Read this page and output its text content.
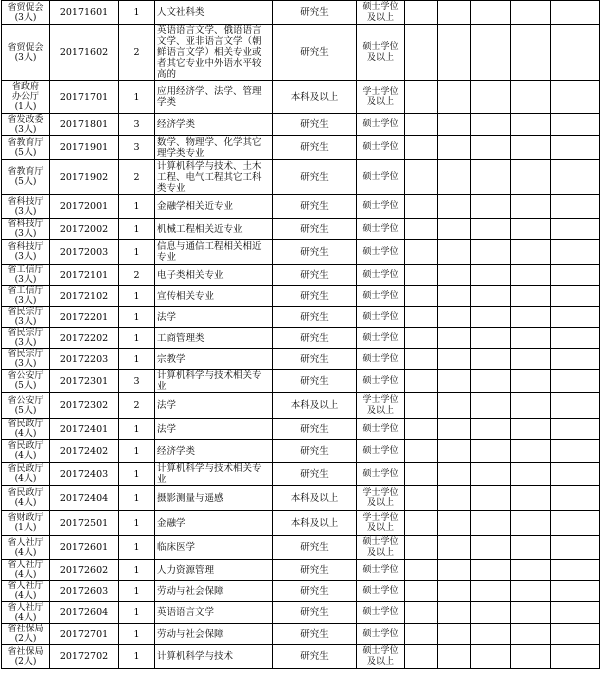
省贸促会
(3人)	20171601	1	人文社科类	研究生	硕士学位
及以上					
省贸促会
(3人)	20171602	2	英语语言文学、俄语语言文学、亚非语言文学（朝鲜语言文学）相关专业或者其它专业中外语水平较高的	研究生	硕士学位
及以上					
省政府
办公厅
(1人)	20171701	1	应用经济学、法学、管理学类	本科及以上	学士学位
及以上					
省发改委
(3人)	20171801	3	经济学类	研究生	硕士学位					
省教育厅
(5人)	20171901	3	数学、物理学、化学其它理学类专业	研究生	硕士学位					
省教育厅
(5人)	20171902	2	计算机科学与技术、土木工程、电气工程其它工科类专业	研究生	硕士学位					
省科技厅
(3人)	20172001	1	金融学相关近专业	研究生	硕士学位					
省科技厅
(3人)	20172002	1	机械工程相关近专业	研究生	硕士学位					
省科技厅
(3人)	20172003	1	信息与通信工程相关相近专业	研究生	硕士学位					
省工信厅
(3人)	20172101	2	电子类相关专业	研究生	硕士学位					
省工信厅
(3人)	20172102	1	宣传相关专业	研究生	硕士学位					
省民宗厅
(3人)	20172201	1	法学	研究生	硕士学位					
省民宗厅
(3人)	20172202	1	工商管理类	研究生	硕士学位					
省民宗厅
(3人)	20172203	1	宗教学	研究生	硕士学位					
省公安厅
(5人)	20172301	3	计算机科学与技术相关专业	研究生	硕士学位					
省公安厅
(5人)	20172302	2	法学	本科及以上	学士学位
及以上					
省民政厅
(4人)	20172401	1	法学	研究生	硕士学位					
省民政厅
(4人)	20172402	1	经济学类	研究生	硕士学位					
省民政厅
(4人)	20172403	1	计算机科学与技术相关专业	研究生	硕士学位					
省民政厅
(4人)	20172404	1	摄影测量与遥感	本科及以上	学士学位
及以上					
省财政厅
(1人)	20172501	1	金融学	本科及以上	学士学位
及以上					
省人社厅
(4人)	20172601	1	临床医学	研究生	硕士学位
及以上					
省人社厅
(4人)	20172602	1	人力资源管理	研究生	硕士学位					
省人社厅
(4人)	20172603	1	劳动与社会保障	研究生	硕士学位					
省人社厅
(4人)	20172604	1	英语语言文学	研究生	硕士学位					
省社保局
(2人)	20172701	1	劳动与社会保障	研究生	硕士学位					
省社保局
(2人)	20172702	1	计算机科学与技术	研究生	硕士学位
及以上					
